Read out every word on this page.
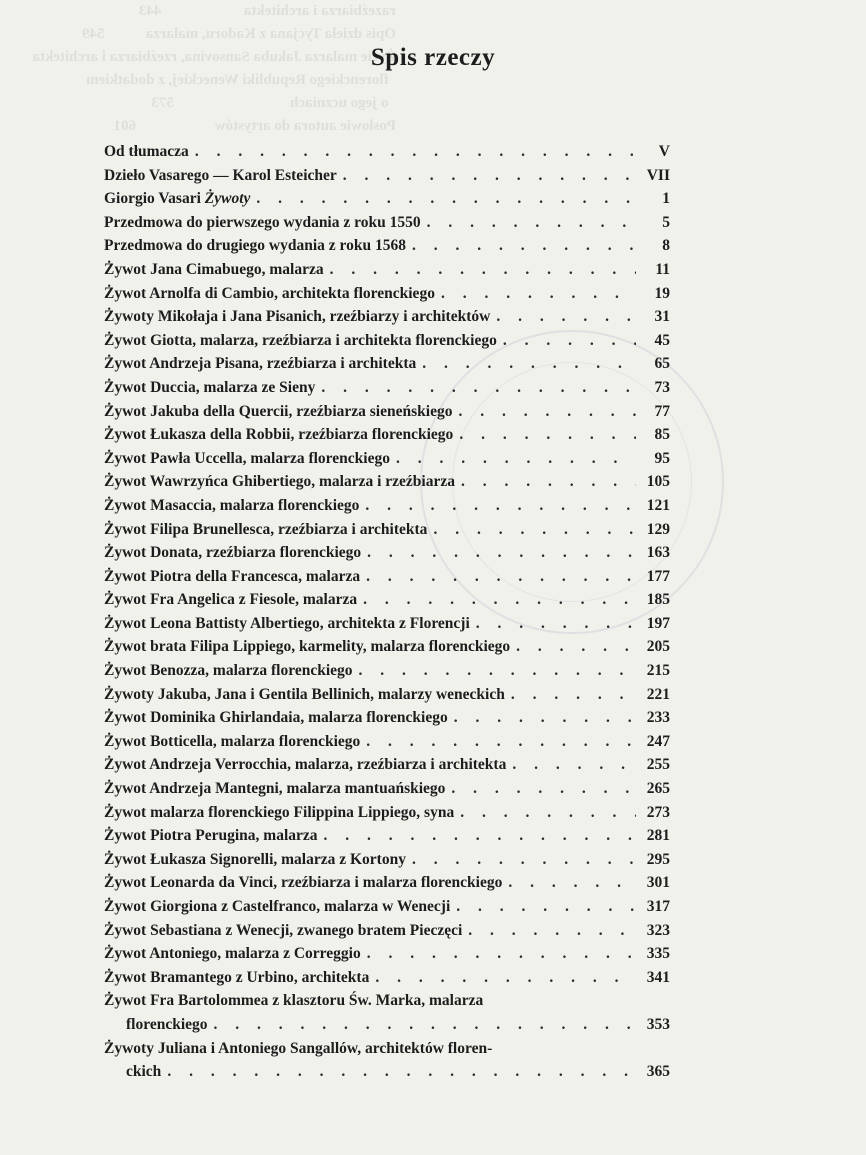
razeźbiarza i architekta                      443
Opis dzieła Tycjana z Kadoru, malarza           549
Życie malarza Jakuba Sansovina, rzeźbiarza i architekta
florenckiego Republiki Weneckiej, z dodatkiem
o jego uczniach                               573
Posłowie autora do artystów                     601
Spis rzeczy
Od tłumacza . . .	V
Dzieło Vasarego — Karol Esteicher . . .	VII
Giorgio Vasari Żywoty . . .	1
Przedmowa do pierwszego wydania z roku 1550 . . .	5
Przedmowa do drugiego wydania z roku 1568 . . .	8
Żywot Jana Cimabuego, malarza . . .	11
Żywot Arnolfa di Cambio, architekta florenckiego . . .	19
Żywoty Mikołaja i Jana Pisanich, rzeźbiarzy i architektów . . .	31
Żywot Giotta, malarza, rzeźbiarza i architekta florenckiego . . .	45
Żywot Andrzeja Pisana, rzeźbiarza i architekta . . .	65
Żywot Duccia, malarza ze Sieny . . .	73
Żywot Jakuba della Quercii, rzeźbiarza sieneńskiego . . .	77
Żywot Łukasza della Robbii, rzeźbiarza florenckiego . . .	85
Żywot Pawła Uccella, malarza florenckiego . . .	95
Żywot Wawrzyńca Ghibertiego, malarza i rzeźbiarza . . .	105
Żywot Masaccia, malarza florenckiego . . .	121
Żywot Filipa Brunellesca, rzeźbiarza i architekta . . .	129
Żywot Donata, rzeźbiarza florenckiego . . .	163
Żywot Piotra della Francesca, malarza . . .	177
Żywot Fra Angelica z Fiesole, malarza . . .	185
Żywot Leona Battisty Albertiego, architekta z Florencji . . .	197
Żywot brata Filipa Lippiego, karmelity, malarza florenckiego . . .	205
Żywot Benozza, malarza florenckiego . . .	215
Żywoty Jakuba, Jana i Gentila Bellinich, malarzy weneckich . . .	221
Żywot Dominika Ghirlandaia, malarza florenckiego . . .	233
Żywot Botticella, malarza florenckiego . . .	247
Żywot Andrzeja Verrocchia, malarza, rzeźbiarza i architekta . . .	255
Żywot Andrzeja Mantegni, malarza mantuańskiego . . .	265
Żywot malarza florenckiego Filippina Lippiego, syna . . .	273
Żywot Piotra Perugina, malarza . . .	281
Żywot Łukasza Signorelli, malarza z Kortony . . .	295
Żywot Leonarda da Vinci, rzeźbiarza i malarza florenckiego . . .	301
Żywot Giorgiona z Castelfranco, malarza w Wenecji . . .	317
Żywot Sebastiana z Wenecji, zwanego bratem Pieczęci . . .	323
Żywot Antoniego, malarza z Correggio . . .	335
Żywot Bramantego z Urbino, architekta . . .	341
Żywot Fra Bartolommea z klasztoru Św. Marka, malarza
florenckiego . . .	353
Żywoty Juliana i Antoniego Sangallów, architektów floren-
ckich . . .	365
